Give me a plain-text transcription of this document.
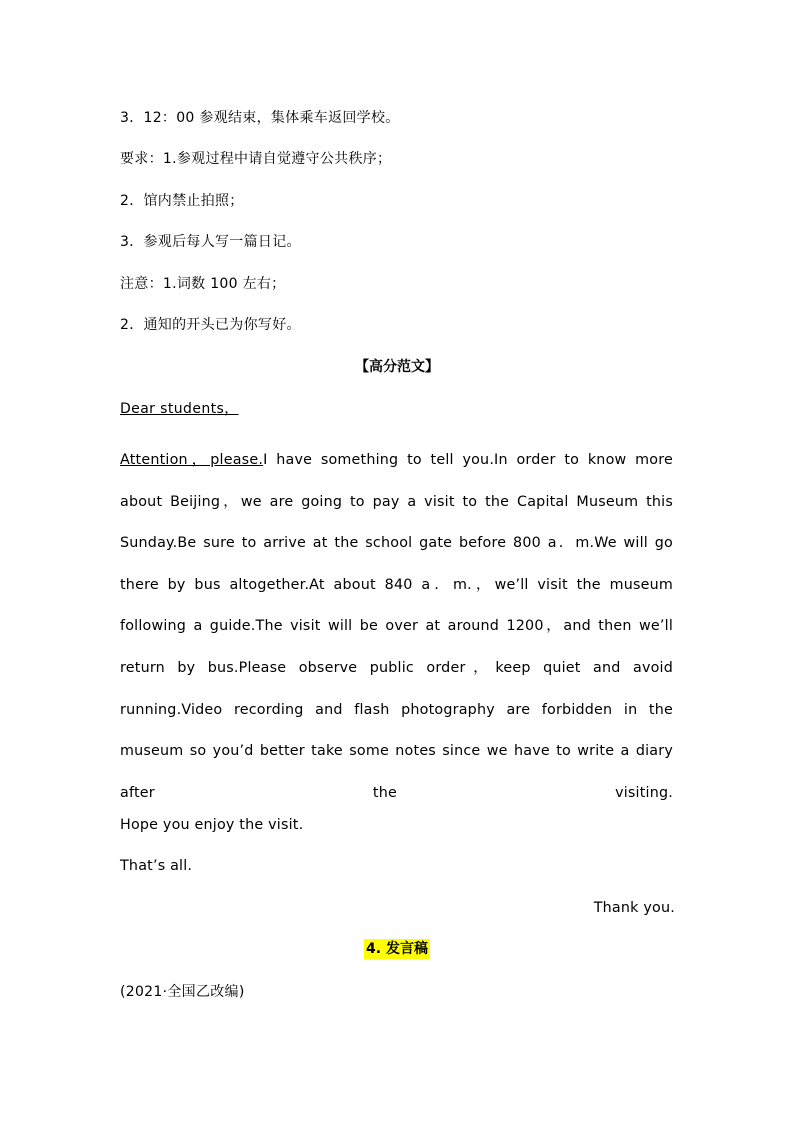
3．12：00 参观结束，集体乘车返回学校。
要求：1.参观过程中请自觉遵守公共秩序；
2．馆内禁止拍照；
3．参观后每人写一篇日记。
注意：1.词数 100 左右；
2．通知的开头已为你写好。
【高分范文】
Dear students，
Attention，please.I have something to tell you.In order to know more about Beijing，we are going to pay a visit to the Capital Museum this Sunday.Be sure to arrive at the school gate before 800 a．m.We will go there by bus altogether.At about 840 a．m.，we’ll visit the museum following a guide.The visit will be over at around 1200，and then we’ll return by bus.Please observe public order，keep quiet and avoid running.Video recording and flash photography are forbidden in the museum so you’d better take some notes since we have to write a diary after the visiting.
Hope you enjoy the visit.
That’s all.
Thank you.
4. 发言稿
(2021·全国乙改编)
